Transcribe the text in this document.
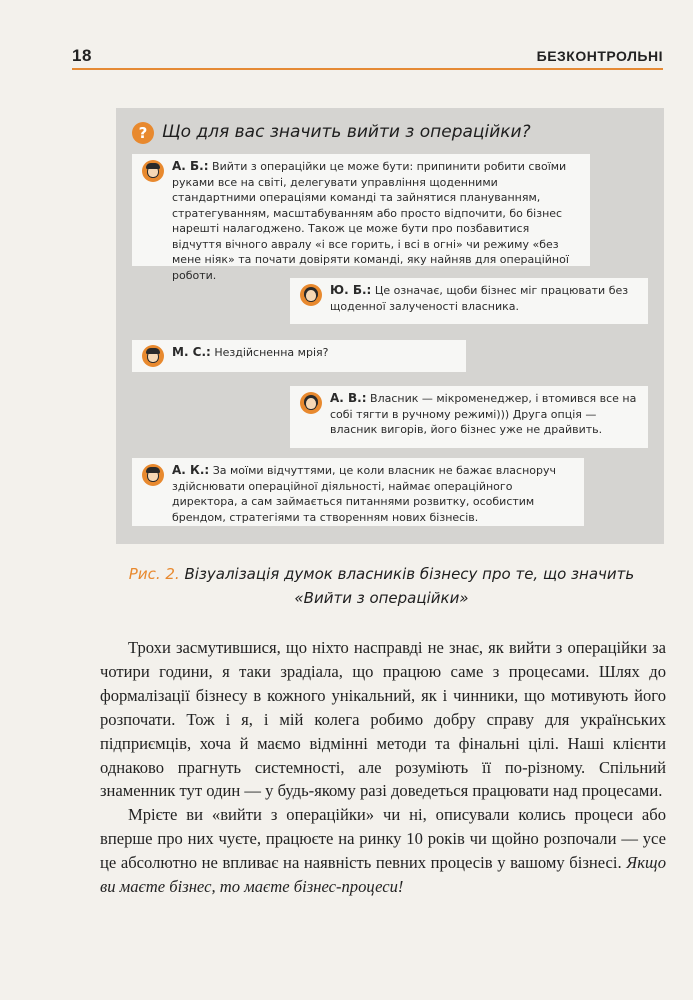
18	БЕЗКОНТРОЛЬНІ
? Що для вас значить вийти з операційки?
А. Б.: Вийти з операційки це може бути: припинити робити своїми руками все на світі, делегувати управління щоденними стандартними операціями команді та зайнятися плануванням, стратегуванням, масштабуванням або просто відпочити, бо бізнес нарешті налагоджено. Також це може бути про позбавитися відчуття вічного авралу «і все горить, і всі в огні» чи режиму «без мене ніяк» та почати довіряти команді, яку найняв для операційної роботи.
Ю. Б.: Це означає, щоби бізнес міг працювати без щоденної залученості власника.
М. С.: Нездійсненна мрія?
А. В.: Власник — мікроменеджер, і втомився все на собі тягти в ручному режимі))) Друга опція — власник вигорів, його бізнес уже не драйвить.
А. К.: За моїми відчуттями, це коли власник не бажає власноруч здійснювати операційної діяльності, наймає операційного директора, а сам займається питаннями розвитку, особистим брендом, стратегіями та створенням нових бізнесів.
Рис. 2. Візуалізація думок власників бізнесу про те, що значить «Вийти з операційки»

Трохи засмутившися, що ніхто насправді не знає, як вийти з операційки за чотири години, я таки зрадіала, що працюю саме з процесами. Шлях до формалізації бізнесу в кожного унікальний, як і чинники, що мотивують його розпочати. Тож і я, і мій колега робимо добру справу для українських підприємців, хоча й маємо відмінні методи та фінальні цілі. Наші клієнти однаково прагнуть системності, але розуміють її по-різному. Спільний знаменник тут один — у будь-якому разі доведеться працювати над процесами.

Мрієте ви «вийти з операційки» чи ні, описували колись процеси або вперше про них чуєте, працюєте на ринку 10 років чи щойно розпочали — усе це абсолютно не впливає на наявність певних процесів у вашому бізнесі. Якщо ви маєте бізнес, то маєте бізнес-процеси!
